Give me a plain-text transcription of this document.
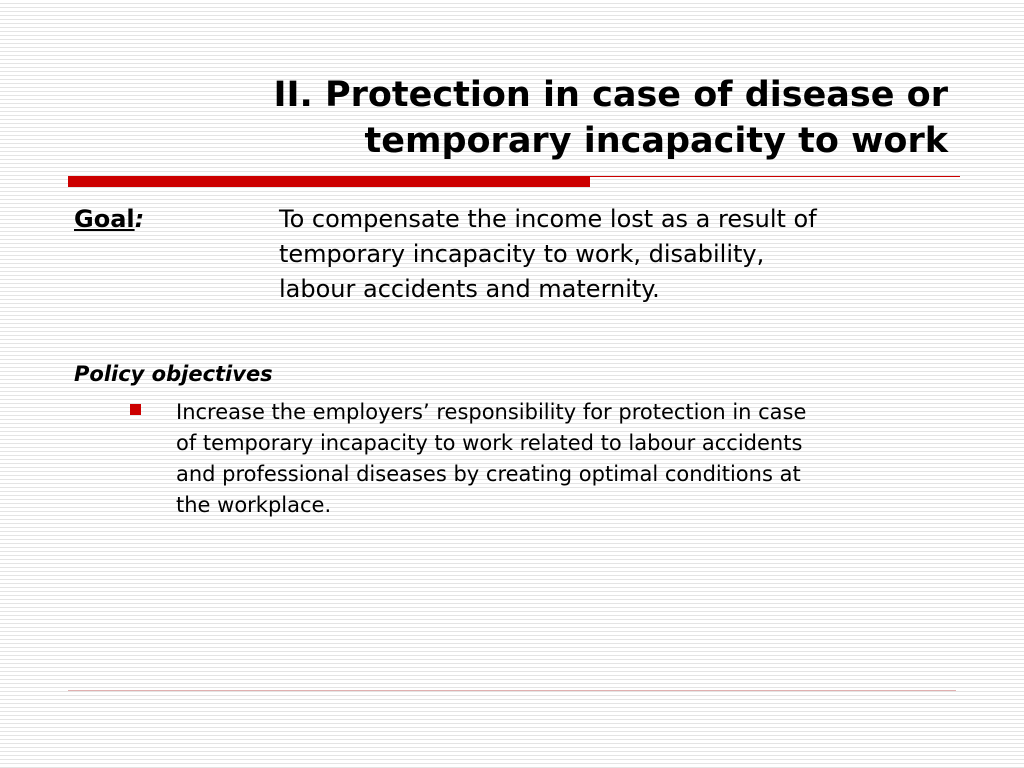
II. Protection in case of disease or
temporary incapacity to work
Goal:	To compensate the income lost as a result of
temporary incapacity to work, disability,
labour accidents and maternity.
Policy objectives
Increase the employers’ responsibility for protection in case
of temporary incapacity to work related to labour accidents
and professional diseases by creating optimal conditions at
the workplace.
